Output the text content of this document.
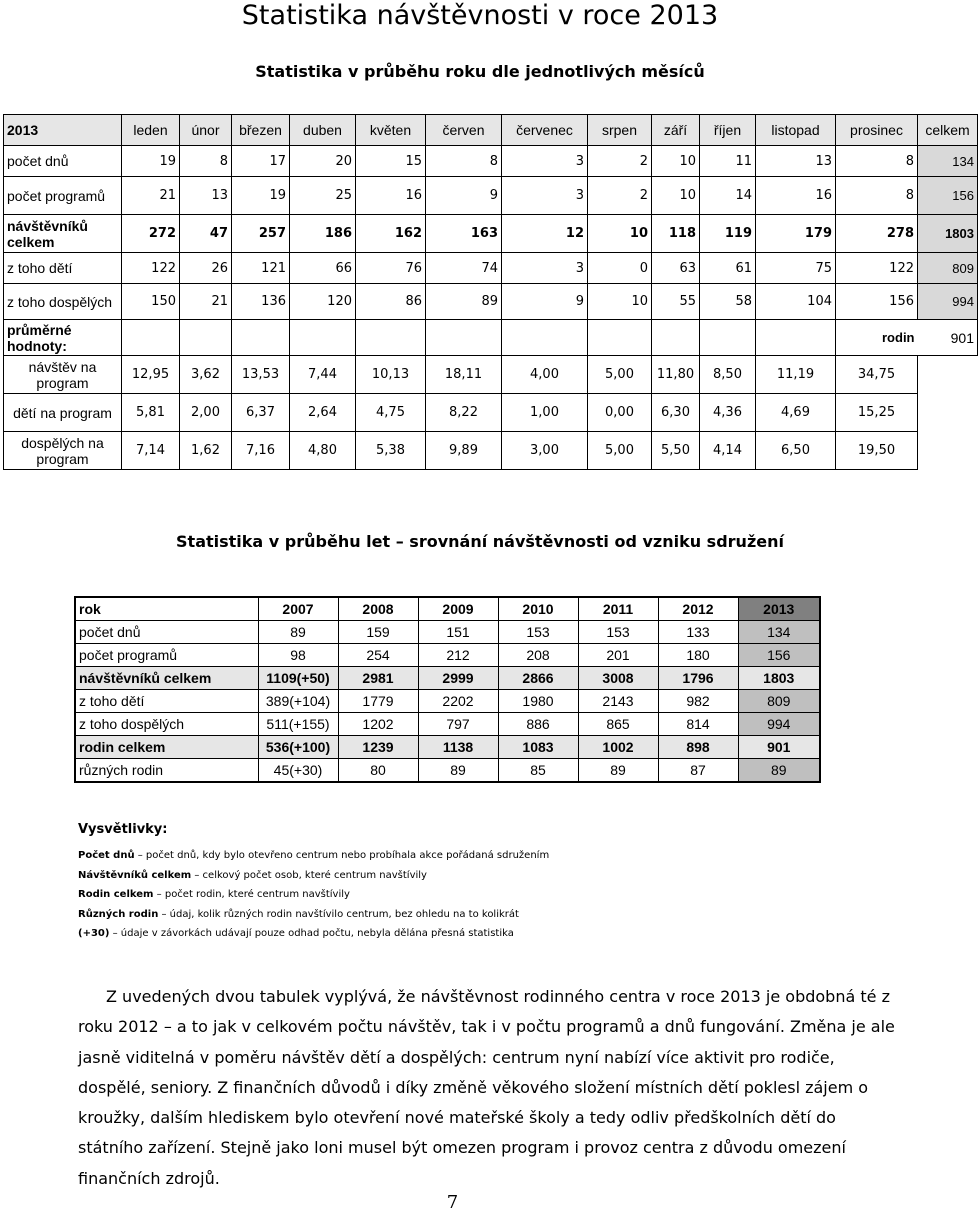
Statistika návštěvnosti v roce 2013
Statistika v průběhu roku dle jednotlivých měsíců
2013	leden	únor	březen	duben	květen	červen	červenec	srpen	září	říjen	listopad	prosinec	celkem
počet dnů	19	8	17	20	15	8	3	2	10	11	13	8	134
počet programů	21	13	19	25	16	9	3	2	10	14	16	8	156
návštěvníků celkem	272	47	257	186	162	163	12	10	118	119	179	278	1803
z toho dětí	122	26	121	66	76	74	3	0	63	61	75	122	809
z toho dospělých	150	21	136	120	86	89	9	10	55	58	104	156	994
průměrné hodnoty:												rodin	901
návštěv na program	12,95	3,62	13,53	7,44	10,13	18,11	4,00	5,00	11,80	8,50	11,19	34,75	
dětí na program	5,81	2,00	6,37	2,64	4,75	8,22	1,00	0,00	6,30	4,36	4,69	15,25	
dospělých na program	7,14	1,62	7,16	4,80	5,38	9,89	3,00	5,00	5,50	4,14	6,50	19,50	
Statistika v průběhu let – srovnání návštěvnosti od vzniku sdružení
rok	2007	2008	2009	2010	2011	2012	2013
počet dnů	89	159	151	153	153	133	134
počet programů	98	254	212	208	201	180	156
návštěvníků celkem	1109(+50)	2981	2999	2866	3008	1796	1803
z toho dětí	389(+104)	1779	2202	1980	2143	982	809
z toho dospělých	511(+155)	1202	797	886	865	814	994
rodin celkem	536(+100)	1239	1138	1083	1002	898	901
různých rodin	45(+30)	80	89	85	89	87	89
Vysvětlivky:
Počet dnů – počet dnů, kdy bylo otevřeno centrum nebo probíhala akce pořádaná sdružením
Návštěvníků celkem – celkový počet osob, které centrum navštívily
Rodin celkem – počet rodin, které centrum navštívily
Různých rodin – údaj, kolik různých rodin navštívilo centrum, bez ohledu na to kolikrát
(+30) – údaje v závorkách udávají pouze odhad počtu, nebyla dělána přesná statistika

Z uvedených dvou tabulek vyplývá, že návštěvnost rodinného centra v roce 2013 je obdobná té z roku 2012 – a to jak v celkovém počtu návštěv, tak i v počtu programů a dnů fungování. Změna je ale jasně viditelná v poměru návštěv dětí a dospělých: centrum nyní nabízí více aktivit pro rodiče, dospělé, seniory. Z finančních důvodů i díky změně věkového složení místních dětí poklesl zájem o kroužky, dalším hlediskem bylo otevření nové mateřské školy a tedy odliv předškolních dětí do státního zařízení. Stejně jako loni musel být omezen program i provoz centra z důvodu omezení finančních zdrojů.

7
